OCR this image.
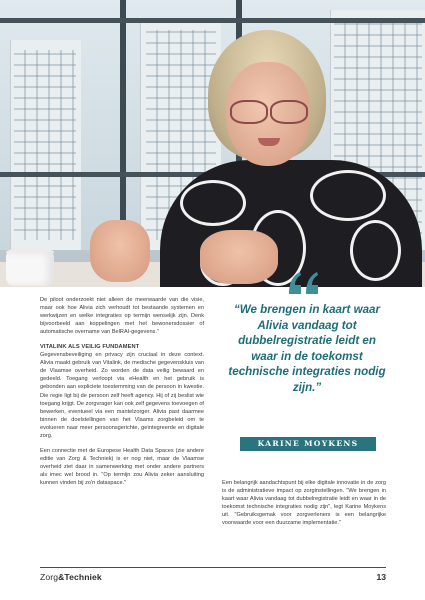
De piloot onderzoekt niet alleen de meerwaarde van die visie, maar ook hoe Alivia zich verhoudt tot bestaande systemen en werkwijzen en welke integraties op termijn wenselijk zijn. Denk bijvoorbeeld aan koppelingen met het bewonersdossier of automatische overname van BelRAI-gegevens."

VITALINK ALS VEILIG FUNDAMENT

Gegevensbeveiliging en privacy zijn cruciaal in deze context. Alivia maakt gebruik van Vitalink, de medische gegevenskluis van de Vlaamse overheid. Zo worden de data veilig bewaard en gedeeld. Toegang verloopt via eHealth en het gebruik is gebonden aan expliciete toestemming van de persoon in kwestie. Die regie ligt bij de persoon zelf heeft agency. Hij of zij beslist wie toegang krijgt. De zorgvrager kan ook zelf gegevens toevoegen of bewerken, eventueel via een mantelzorger. Alivia past daarmee binnen de doelstellingen van het Vlaams zorgbeleid om te evolueren naar meer persoonsgerichte, geïntegreerde en digitale zorg.

Een connectie met de Europese Health Data Spaces (zie andere editie van Zorg & Techniek) is er nog niet, maar de Vlaamse overheid ziet daar in samenwerking met onder andere partners als imec wel brood in. "Op termijn zou Alivia zeker aansluiting kunnen vinden bij zo'n dataspace."

“We brengen in kaart waar Alivia vandaag tot dubbelregistratie leidt en waar in de toekomst technische integraties nodig zijn.”
KARINE MOYKENS

Een belangrijk aandachtspunt bij elke digitale innovatie in de zorg is de administratieve impact op zorginstellingen. "We brengen in kaart waar Alivia vandaag tot dubbelregistratie leidt en waar in de toekomst technische integraties nodig zijn", legt Karine Moykens uit. "Gebruiksgemak voor zorgverleners is een belangrijke voorwaarde voor een duurzame implementatie."

Zorg&Techniek	13
